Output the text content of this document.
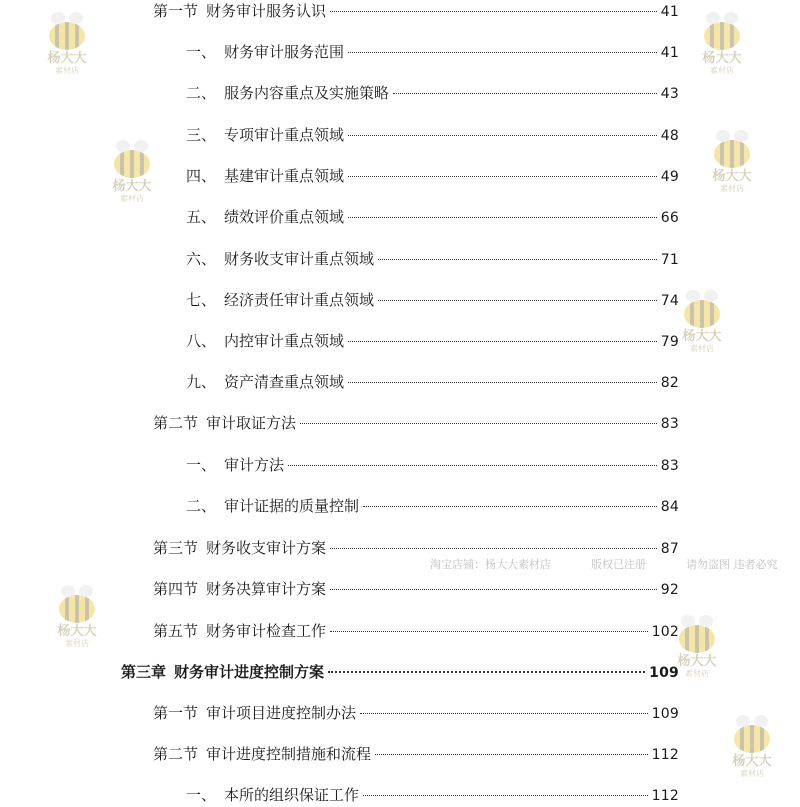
杨大大
素材店
杨大大
素材店
杨大大
素材店
杨大大
素材店
杨大大
素材店
杨大大
素材店
杨大大
素材店
杨大大
素材店
淘宝店铺：杨大大素材店	版权已注册	请勿盗图 违者必究
第一节 财务审计服务认识	41
一、 财务审计服务范围	41
二、 服务内容重点及实施策略	43
三、 专项审计重点领域	48
四、 基建审计重点领域	49
五、 绩效评价重点领域	66
六、 财务收支审计重点领域	71
七、 经济责任审计重点领域	74
八、 内控审计重点领域	79
九、 资产清查重点领域	82
第二节 审计取证方法	83
一、 审计方法	83
二、 审计证据的质量控制	84
第三节 财务收支审计方案	87
第四节 财务决算审计方案	92
第五节 财务审计检查工作	102
第三章 财务审计进度控制方案	109
第一节 审计项目进度控制办法	109
第二节 审计进度控制措施和流程	112
一、 本所的组织保证工作	112
